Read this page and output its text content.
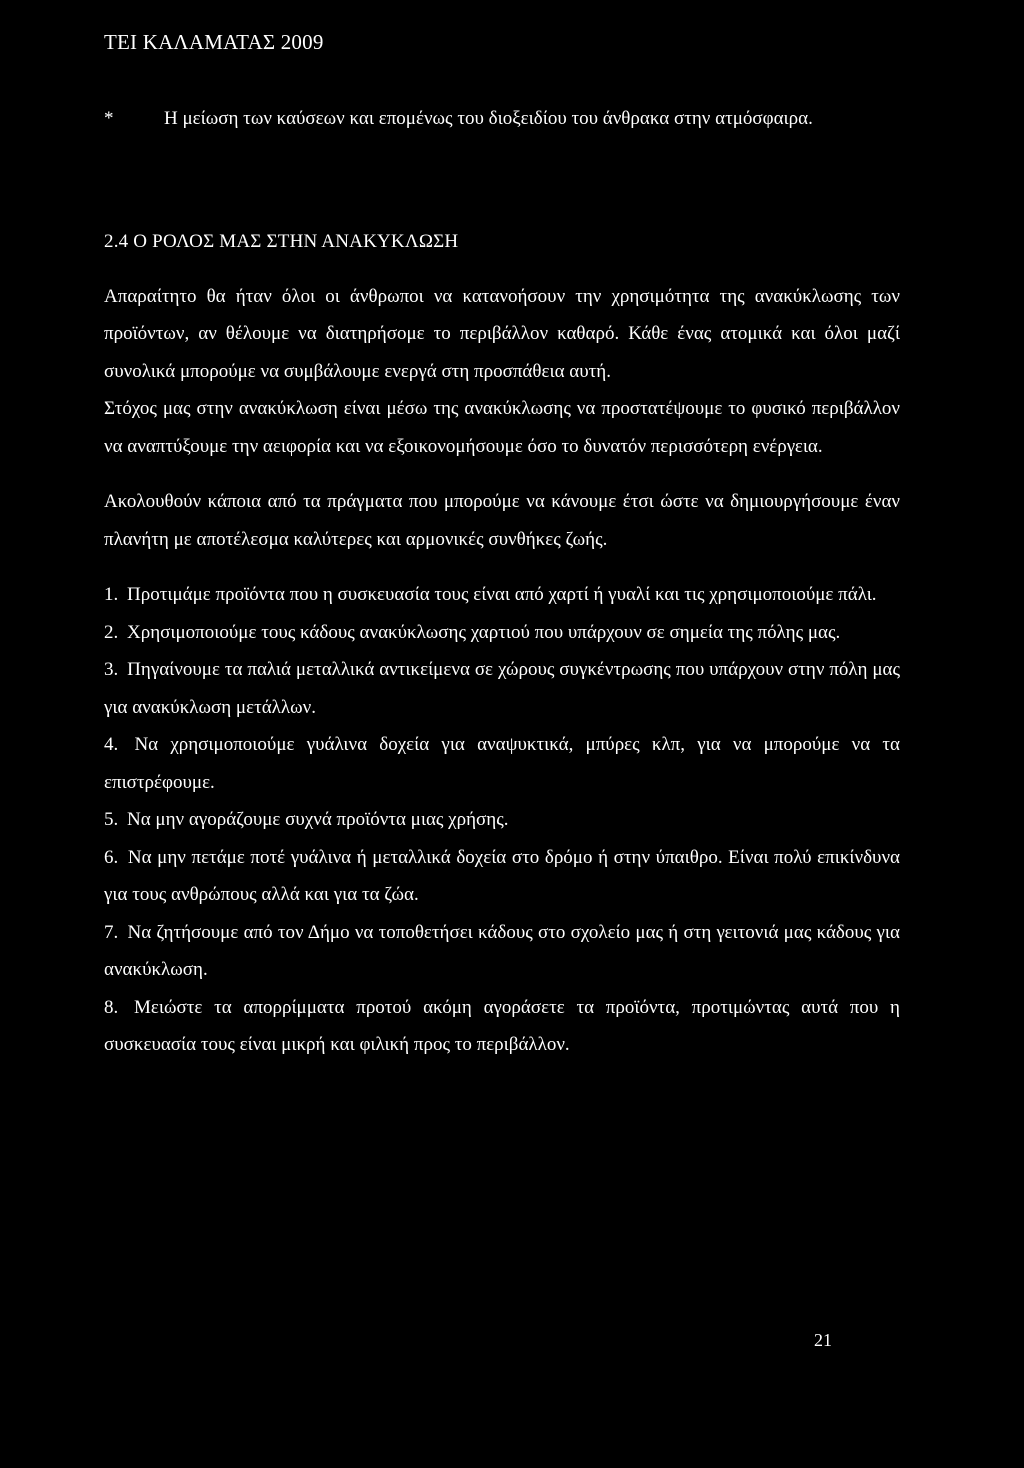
ΤΕΙ ΚΑΛΑΜΑΤΑΣ 2009

*	Η μείωση των καύσεων και επομένως του διοξειδίου του άνθρακα στην ατμόσφαιρα.

2.4 Ο ΡΟΛΟΣ ΜΑΣ ΣΤΗΝ ΑΝΑΚΥΚΛΩΣΗ

Απαραίτητο θα ήταν όλοι οι άνθρωποι να κατανοήσουν την χρησιμότητα της ανακύκλωσης των προϊόντων, αν θέλουμε να διατηρήσομε το περιβάλλον καθαρό. Κάθε ένας ατομικά και όλοι μαζί συνολικά μπορούμε να συμβάλουμε ενεργά στη προσπάθεια αυτή.

Στόχος μας στην ανακύκλωση είναι μέσω της ανακύκλωσης να προστατέψουμε το φυσικό περιβάλλον να αναπτύξουμε την αειφορία και να εξοικονομήσουμε όσο το δυνατόν περισσότερη ενέργεια.

Ακολουθούν κάποια από τα πράγματα που μπορούμε να κάνουμε έτσι ώστε να δημιουργήσουμε έναν πλανήτη με αποτέλεσμα καλύτερες και αρμονικές συνθήκες ζωής.

1. Προτιμάμε προϊόντα που η συσκευασία τους είναι από χαρτί ή γυαλί και τις χρησιμοποιούμε πάλι.

2. Χρησιμοποιούμε τους κάδους ανακύκλωσης χαρτιού που υπάρχουν σε σημεία της πόλης μας.

3. Πηγαίνουμε τα παλιά μεταλλικά αντικείμενα σε χώρους συγκέντρωσης που υπάρχουν στην πόλη μας για ανακύκλωση μετάλλων.

4. Να χρησιμοποιούμε γυάλινα δοχεία για αναψυκτικά, μπύρες κλπ, για να μπορούμε να τα επιστρέφουμε.

5. Να μην αγοράζουμε συχνά προϊόντα μιας χρήσης.

6. Να μην πετάμε ποτέ γυάλινα ή μεταλλικά δοχεία στο δρόμο ή στην ύπαιθρο. Είναι πολύ επικίνδυνα για τους ανθρώπους αλλά και για τα ζώα.

7. Να ζητήσουμε από τον Δήμο να τοποθετήσει κάδους στο σχολείο μας ή στη γειτονιά μας κάδους για ανακύκλωση.

8. Μειώστε τα απορρίμματα προτού ακόμη αγοράσετε τα προϊόντα, προτιμώντας αυτά που η συσκευασία τους είναι μικρή και φιλική προς το περιβάλλον.

21
